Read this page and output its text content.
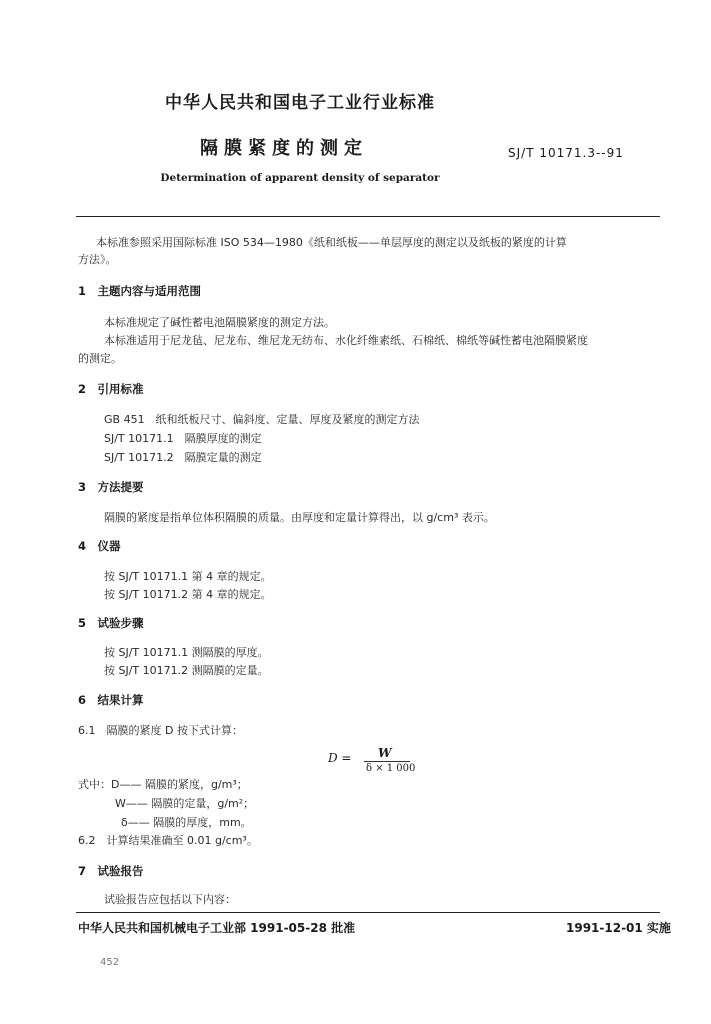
中华人民共和国电子工业行业标准
隔膜紧度的测定	SJ/T 10171.3--91
Determination of apparent density of separator
本标准参照采用国际标准 ISO 534—1980《纸和纸板——单层厚度的测定以及纸板的紧度的计算
方法》。
1　主题内容与适用范围
本标准规定了碱性蓄电池隔膜紧度的测定方法。
本标准适用于尼龙毡、尼龙布、维尼龙无纺布、水化纤维素纸、石棉纸、棉纸等碱性蓄电池隔膜紧度
的测定。
2　引用标准
GB 451　纸和纸板尺寸、偏斜度、定量、厚度及紧度的测定方法
SJ/T 10171.1　隔膜厚度的测定
SJ/T 10171.2　隔膜定量的测定
3　方法提要
隔膜的紧度是指单位体积隔膜的质量。由厚度和定量计算得出，以 g/cm³ 表示。
4　仪器
按 SJ/T 10171.1 第 4 章的规定。
按 SJ/T 10171.2 第 4 章的规定。
5　试验步骤
按 SJ/T 10171.1 测隔膜的厚度。
按 SJ/T 10171.2 测隔膜的定量。
6　结果计算
6.1　隔膜的紧度 D 按下式计算：
D = W
δ × 1 000
式中：D—— 隔膜的紧度，g/m³；
W—— 隔膜的定量，g/m²；
δ—— 隔膜的厚度，mm。
6.2　计算结果准确至 0.01 g/cm³。
7　试验报告
试验报告应包括以下内容：
中华人民共和国机械电子工业部 1991-05-28 批准	1991-12-01 实施
452
